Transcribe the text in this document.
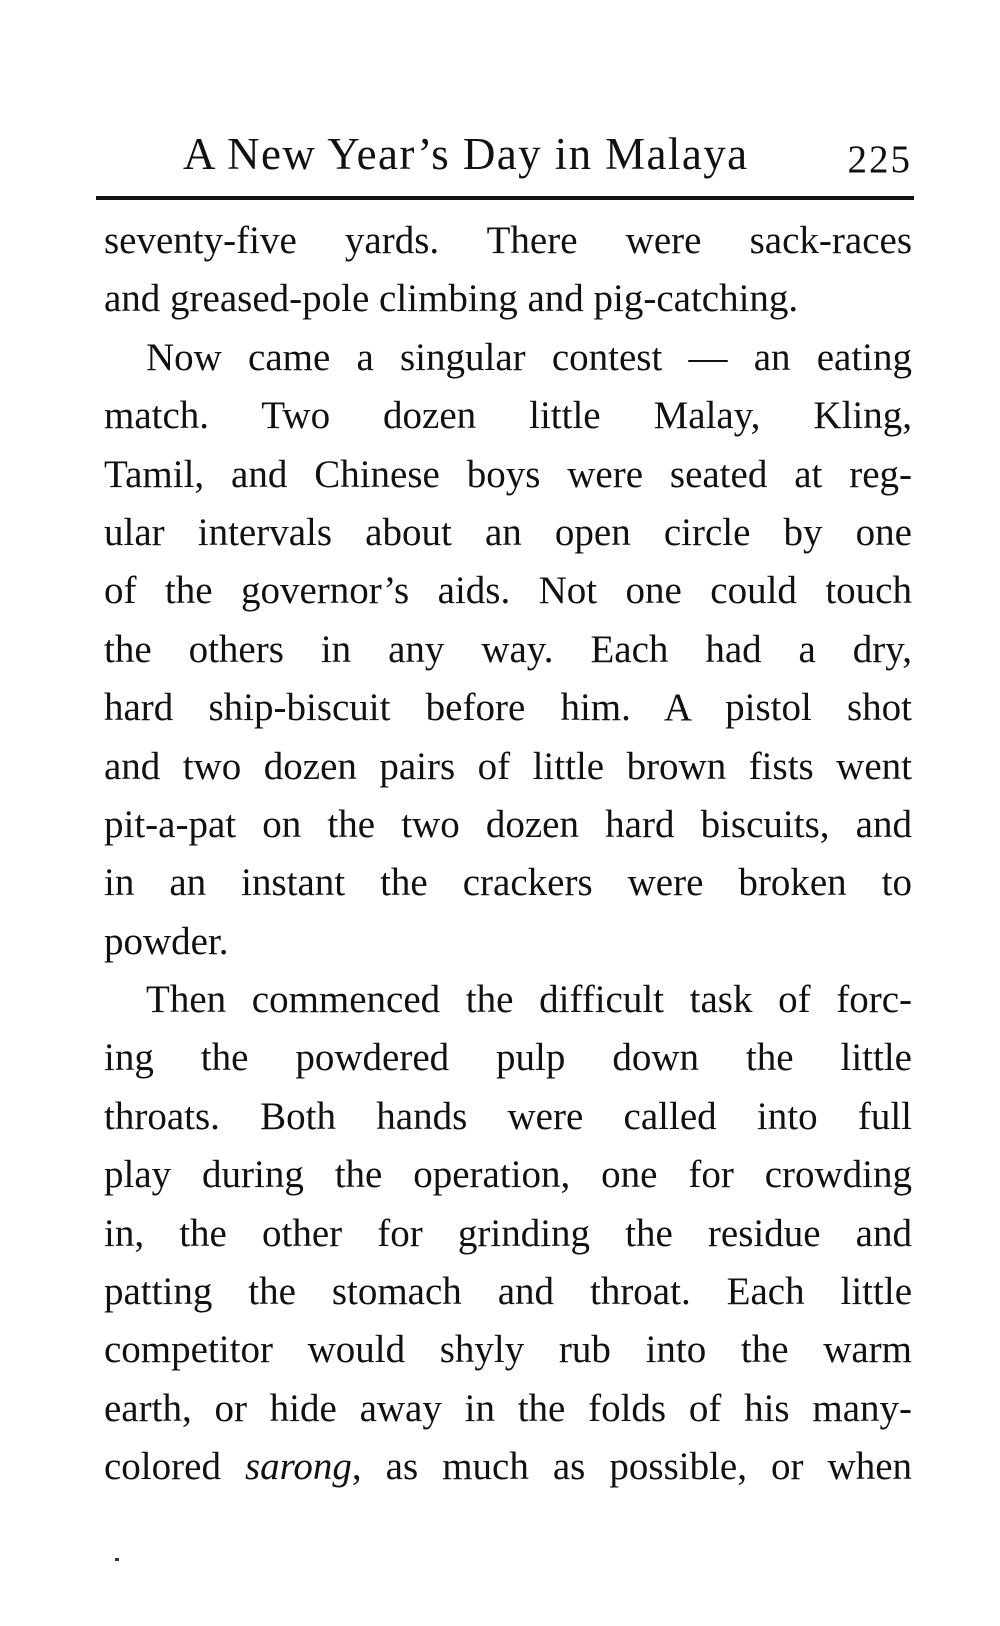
A New Year’s Day in Malaya	225
seventy-five yards. There were sack-races
and greased-pole climbing and pig-catching.
Now came a singular contest — an eating
match. Two dozen little Malay, Kling,
Tamil, and Chinese boys were seated at reg-
ular intervals about an open circle by one
of the governor’s aids. Not one could touch
the others in any way. Each had a dry,
hard ship-biscuit before him. A pistol shot
and two dozen pairs of little brown fists went
pit-a-pat on the two dozen hard biscuits, and
in an instant the crackers were broken to
powder.
Then commenced the difficult task of forc-
ing the powdered pulp down the little
throats. Both hands were called into full
play during the operation, one for crowding
in, the other for grinding the residue and
patting the stomach and throat. Each little
competitor would shyly rub into the warm
earth, or hide away in the folds of his many-
colored sarong, as much as possible, or when
